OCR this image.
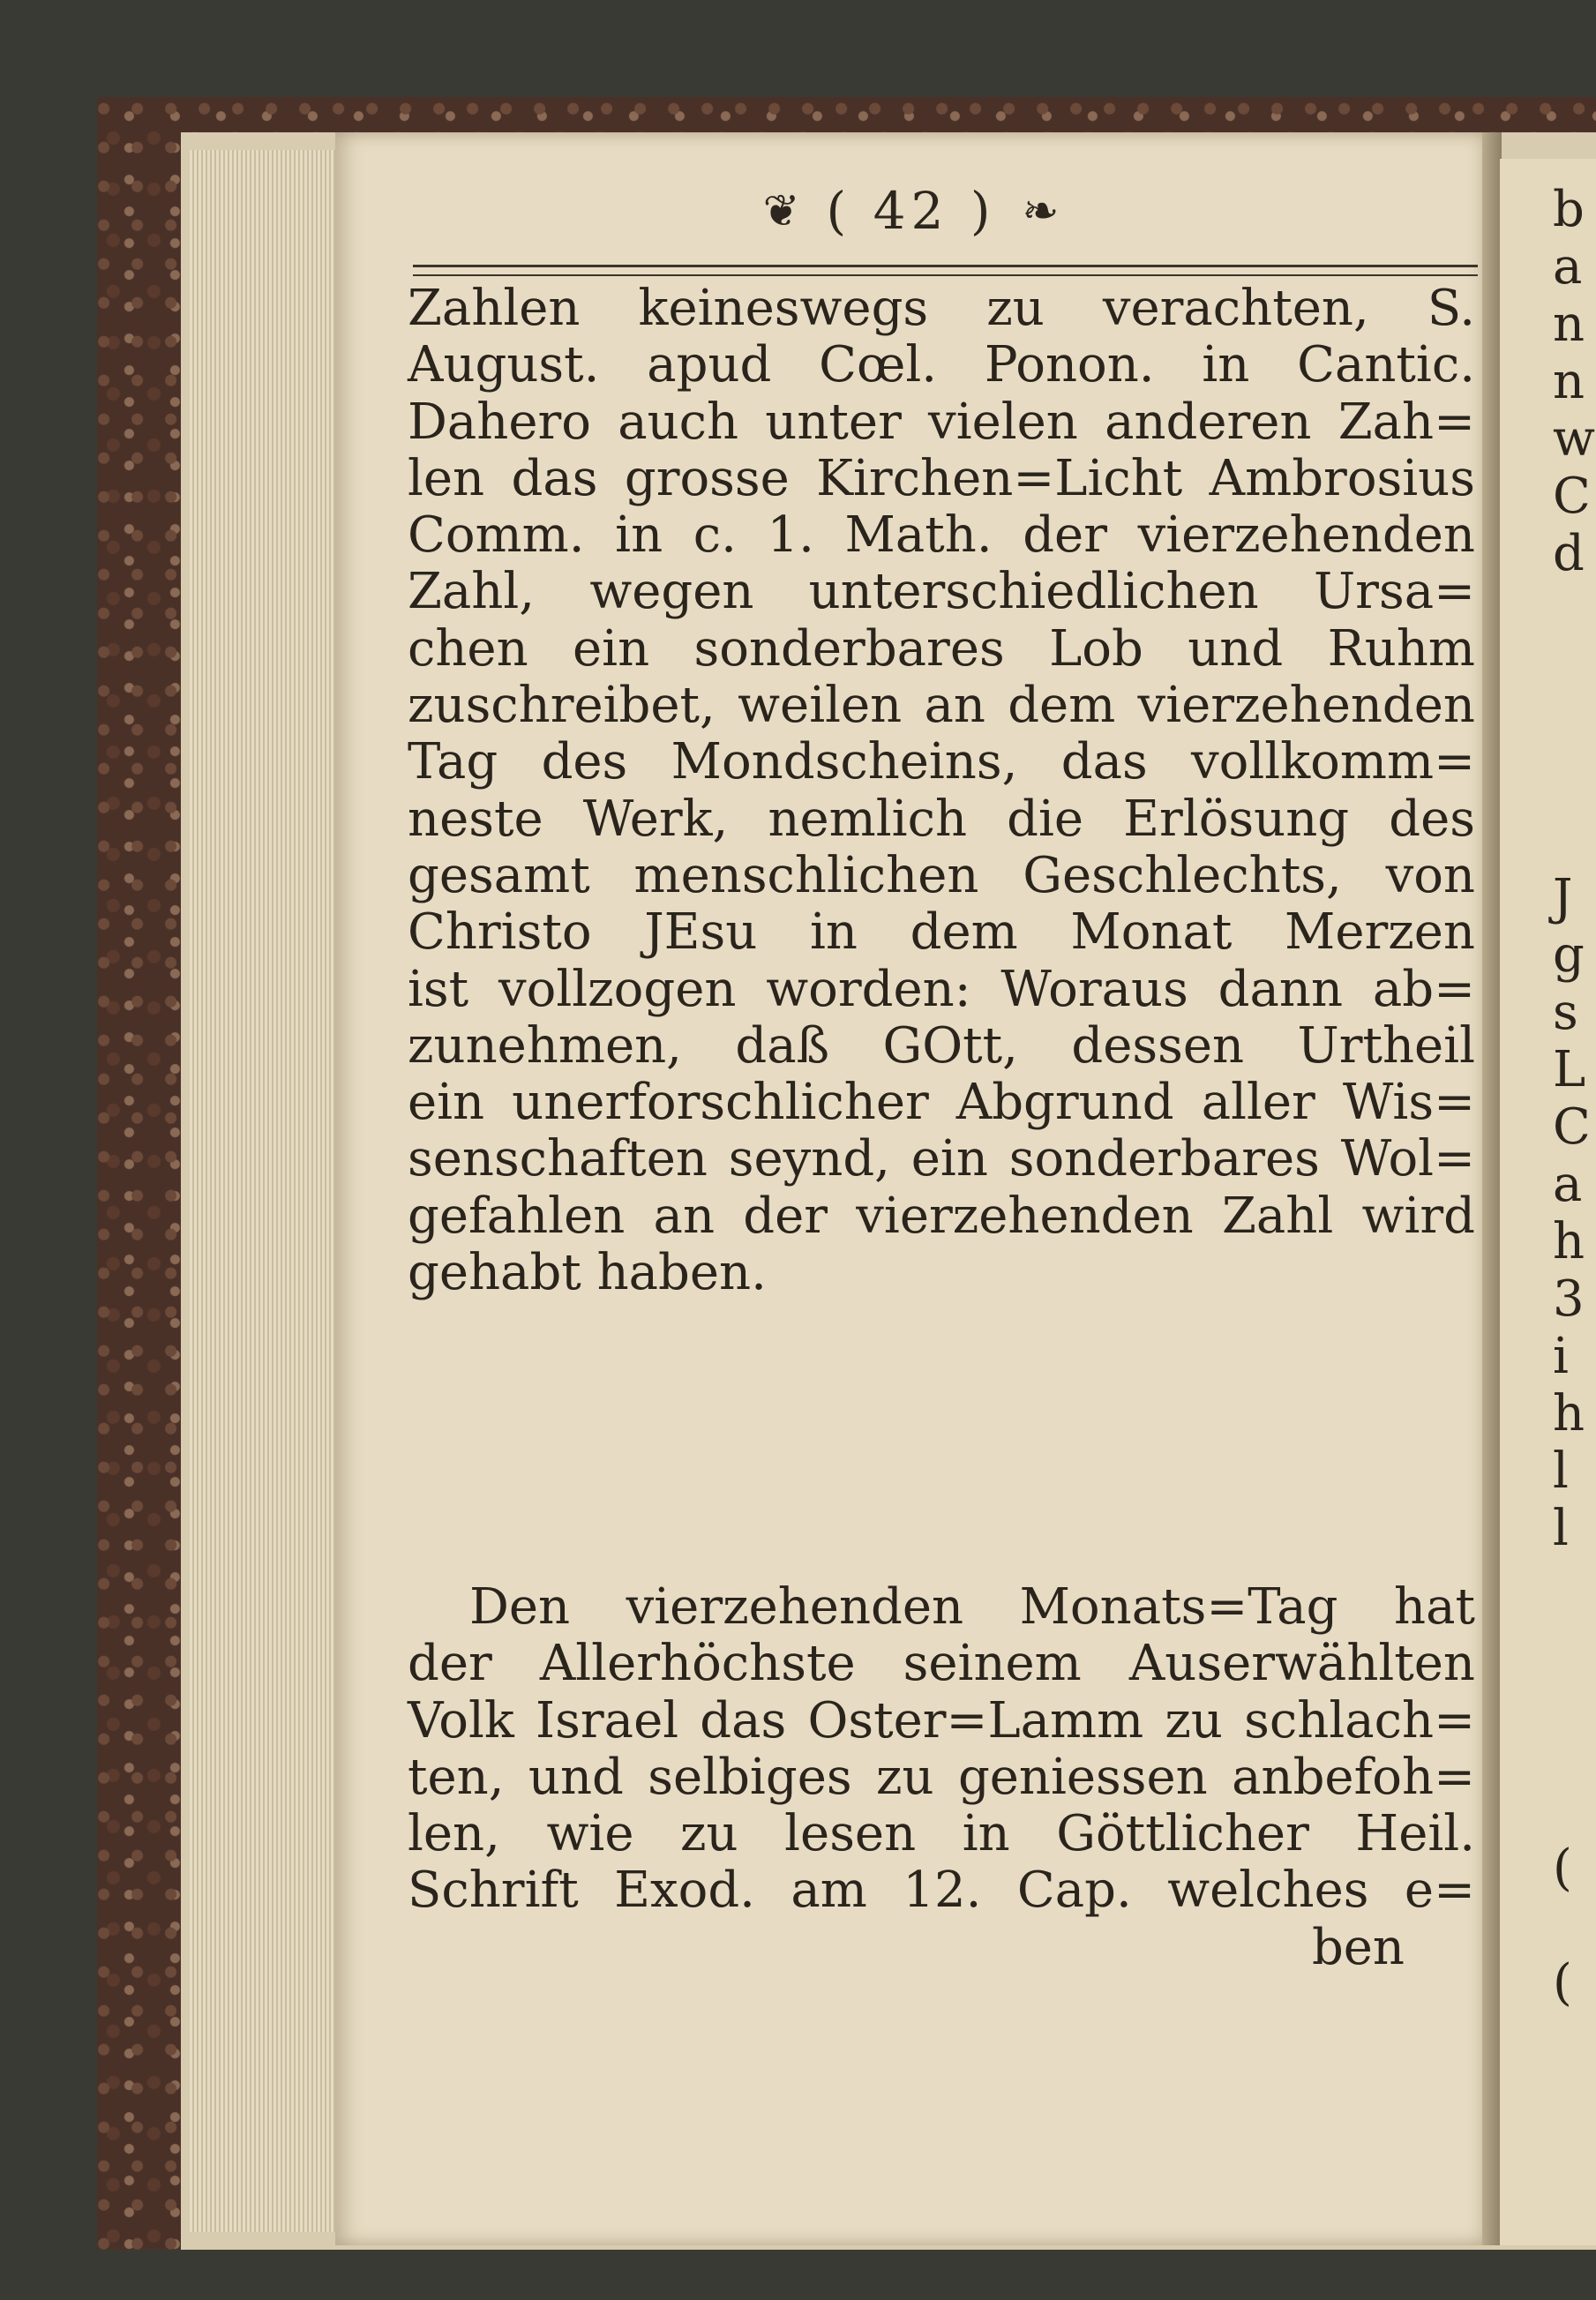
b
a
n
n
w
C
d
J
g
s
L
C
a
h
3
i
h
l
l
(
(
❦ ( 42 ) ❧
Zahlen keineswegs zu verachten, S.
August. apud Cœl. Ponon. in Cantic.
Dahero auch unter vielen anderen Zah=
len das grosse Kirchen=Licht Ambrosius
Comm. in c. 1. Math. der vierzehenden
Zahl, wegen unterschiedlichen Ursa=
chen ein sonderbares Lob und Ruhm
zuschreibet, weilen an dem vierzehenden
Tag des Mondscheins, das vollkomm=
neste Werk, nemlich die Erlösung des
gesamt menschlichen Geschlechts, von
Christo JEsu in dem Monat Merzen
ist vollzogen worden: Woraus dann ab=
zunehmen, daß GOtt, dessen Urtheil
ein unerforschlicher Abgrund aller Wis=
senschaften seynd, ein sonderbares Wol=
gefahlen an der vierzehenden Zahl wird
gehabt haben.
Den vierzehenden Monats=Tag hat
der Allerhöchste seinem Auserwählten
Volk Israel das Oster=Lamm zu schlach=
ten, und selbiges zu geniessen anbefoh=
len, wie zu lesen in Göttlicher Heil.
Schrift Exod. am 12. Cap. welches e=
ben
